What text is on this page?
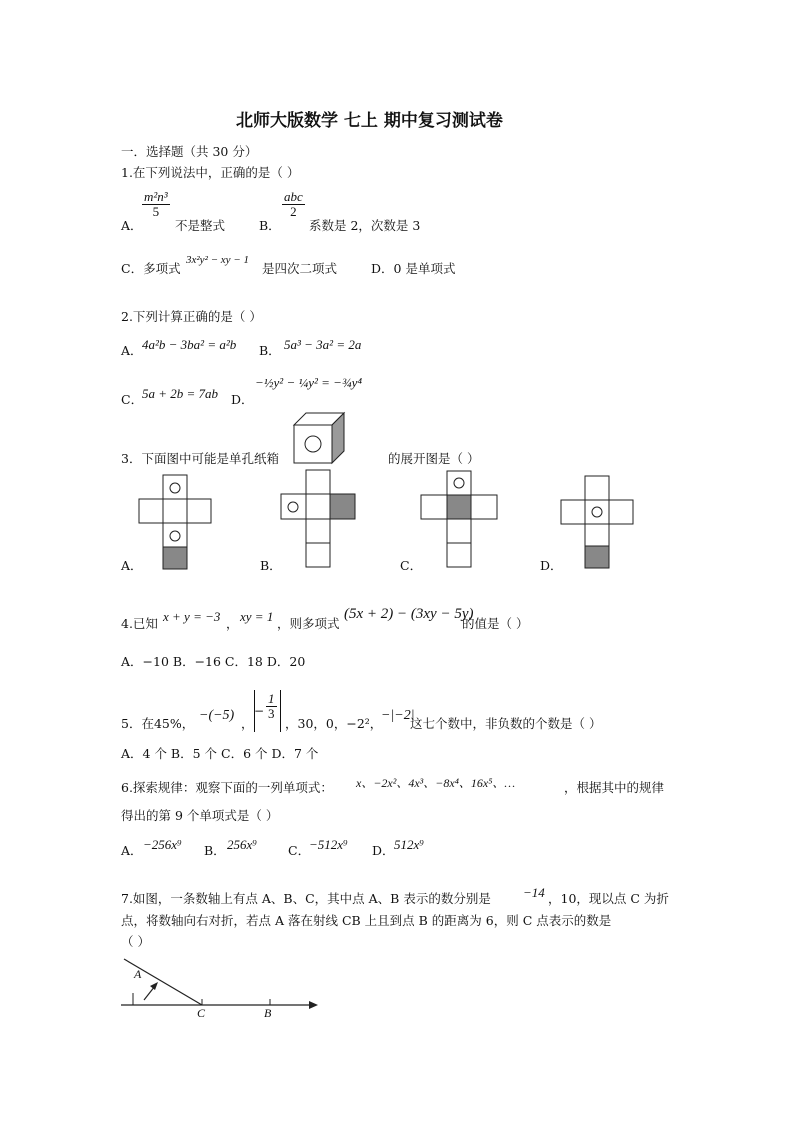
北师大版数学 七上 期中复习测试卷
一．选择题（共 30 分）
1.在下列说法中，正确的是（ ）
A．
$\frac{\text{m²n³}}{5}$
不是整式	B．
$\frac{\text{abc}}{2}$
系数是 2，次数是 3
C．多项式
3x²y² − xy − 1
是四次二项式	D．0 是单项式
2.下列计算正确的是（ ）
A． 4a²b − 3ba² = a²b B． 5a³ − 3a² = 2a
C．
5a + 2b = 7ab D．
−½y² − ¼y² = −¾y⁴
3．下面图中可能是单孔纸箱	的展开图是（ ）
A．	B．	C．	D．
4.已知 x + y = −3 ， xy = 1 ，则多项式
(5x + 2) − (3xy − 5y)
的值是（ ）
A．−10 B．−16 C．18 D．20
5．在45%，
−(−5)
，
− $\frac{1}{3}$
，30，0，−2²，
−|−2|
这七个数中，非负数的个数是（ ）
A．4 个 B．5 个 C．6 个 D．7 个
6.探索规律：观察下面的一列单项式： x、−2x²、4x³、−8x⁴、16x⁵、…	，根据其中的规律
得出的第 9 个单项式是（ ）
A． −256x⁹ B． 256x⁹ C．
−512x⁹ D． 512x⁹
7.如图，一条数轴上有点 A、B、C，其中点 A、B 表示的数分别是 −14 ，10，现以点 C 为折
点，将数轴向右对折，若点 A 落在射线 CB 上且到点 B 的距离为 6，则 C 点表示的数是
（ ）
A
C	B
